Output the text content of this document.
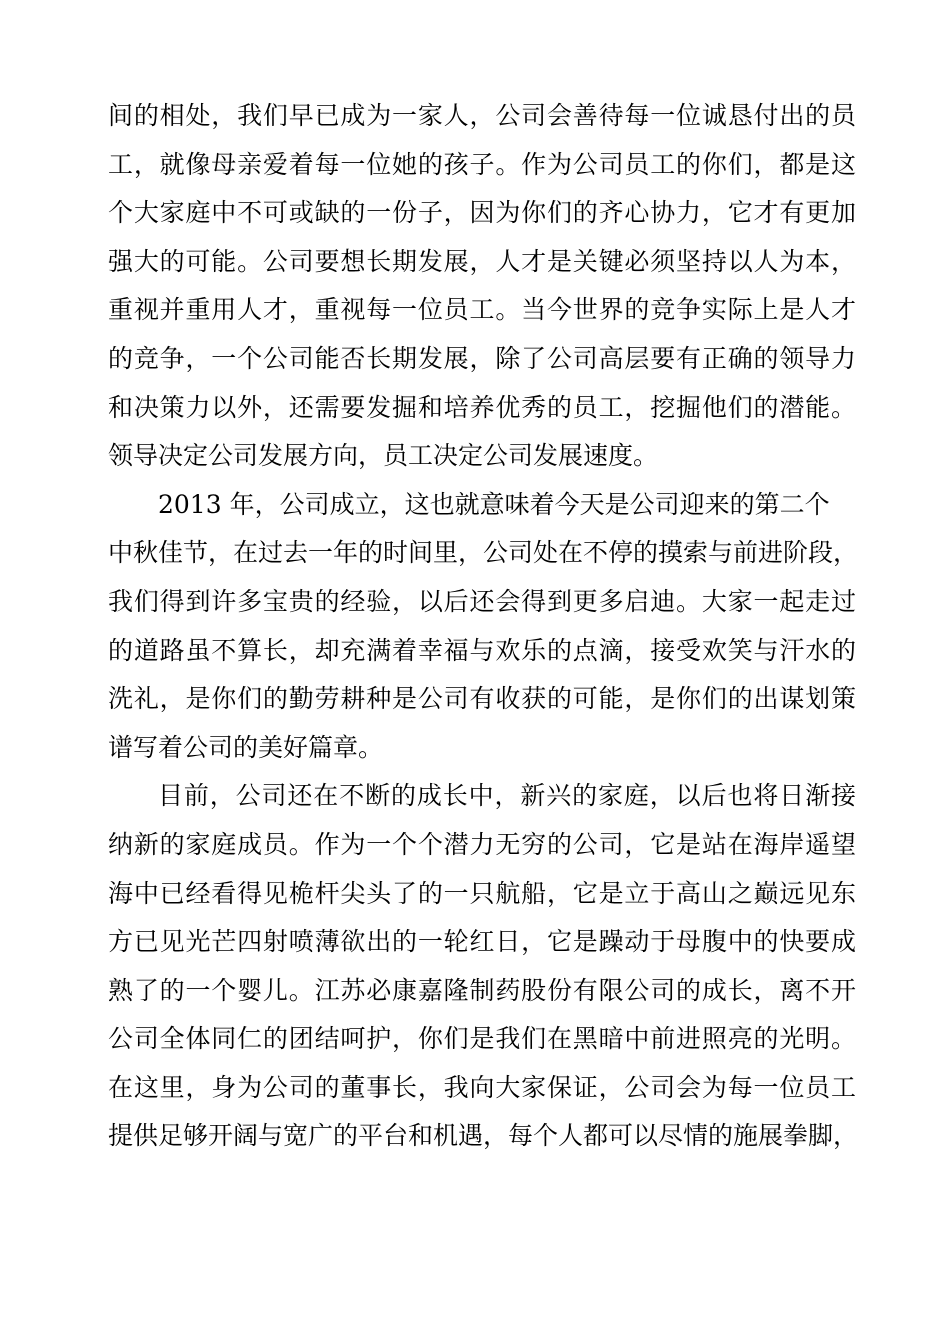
间的相处，我们早已成为一家人，公司会善待每一位诚恳付出的员
工，就像母亲爱着每一位她的孩子。作为公司员工的你们，都是这
个大家庭中不可或缺的一份子，因为你们的齐心协力，它才有更加
强大的可能。公司要想长期发展，人才是关键必须坚持以人为本，
重视并重用人才，重视每一位员工。当今世界的竞争实际上是人才
的竞争，一个公司能否长期发展，除了公司高层要有正确的领导力
和决策力以外，还需要发掘和培养优秀的员工，挖掘他们的潜能。
领导决定公司发展方向，员工决定公司发展速度。
2013 年，公司成立，这也就意味着今天是公司迎来的第二个
中秋佳节，在过去一年的时间里，公司处在不停的摸索与前进阶段，
我们得到许多宝贵的经验，以后还会得到更多启迪。大家一起走过
的道路虽不算长，却充满着幸福与欢乐的点滴，接受欢笑与汗水的
洗礼，是你们的勤劳耕种是公司有收获的可能，是你们的出谋划策
谱写着公司的美好篇章。
目前，公司还在不断的成长中，新兴的家庭，以后也将日渐接
纳新的家庭成员。作为一个个潜力无穷的公司，它是站在海岸遥望
海中已经看得见桅杆尖头了的一只航船，它是立于高山之巅远见东
方已见光芒四射喷薄欲出的一轮红日，它是躁动于母腹中的快要成
熟了的一个婴儿。江苏必康嘉隆制药股份有限公司的成长，离不开
公司全体同仁的团结呵护，你们是我们在黑暗中前进照亮的光明。
在这里，身为公司的董事长，我向大家保证，公司会为每一位员工
提供足够开阔与宽广的平台和机遇，每个人都可以尽情的施展拳脚，
